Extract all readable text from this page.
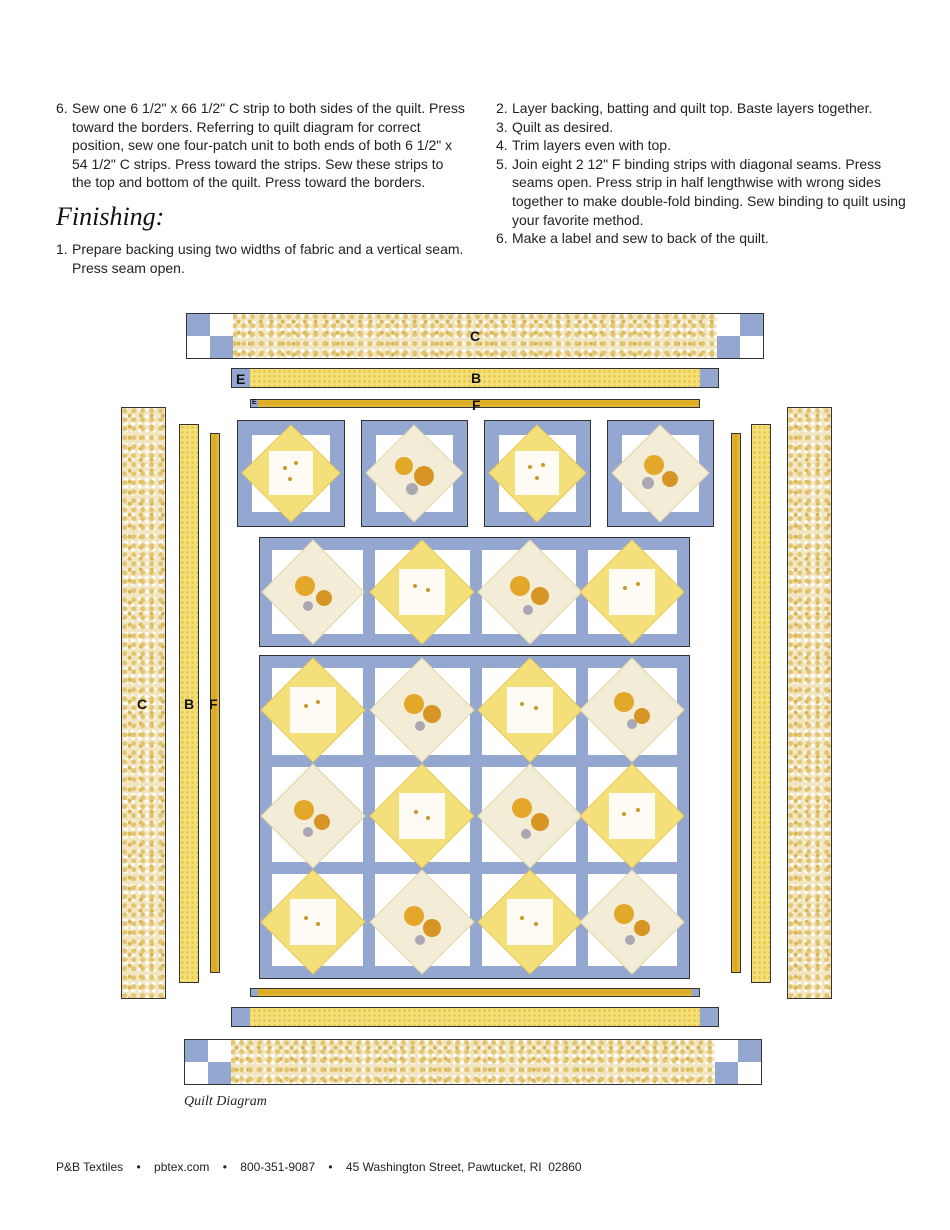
6. Sew one 6 1/2" x 66 1/2" C strip to both sides of the quilt. Press toward the borders. Referring to quilt diagram for correct position, sew one four-patch unit to both ends of both 6 1/2" x 54 1/2" C strips. Press toward the strips. Sew these strips to the top and bottom of the quilt. Press toward the borders.
Finishing:
1. Prepare backing using two widths of fabric and a vertical seam. Press seam open.
2. Layer backing, batting and quilt top. Baste layers together.
3. Quilt as desired.
4. Trim layers even with top.
5. Join eight 2 12" F binding strips with diagonal seams. Press seams open. Press strip in half lengthwise with wrong sides together to make double-fold binding. Sew binding to quilt using your favorite method.
6. Make a label and sew to back of the quilt.
C
E	B
E	F
C	B F
Quilt Diagram
P&B Textiles • pbtex.com • 800-351-9087 • 45 Washington Street, Pawtucket, RI  02860
